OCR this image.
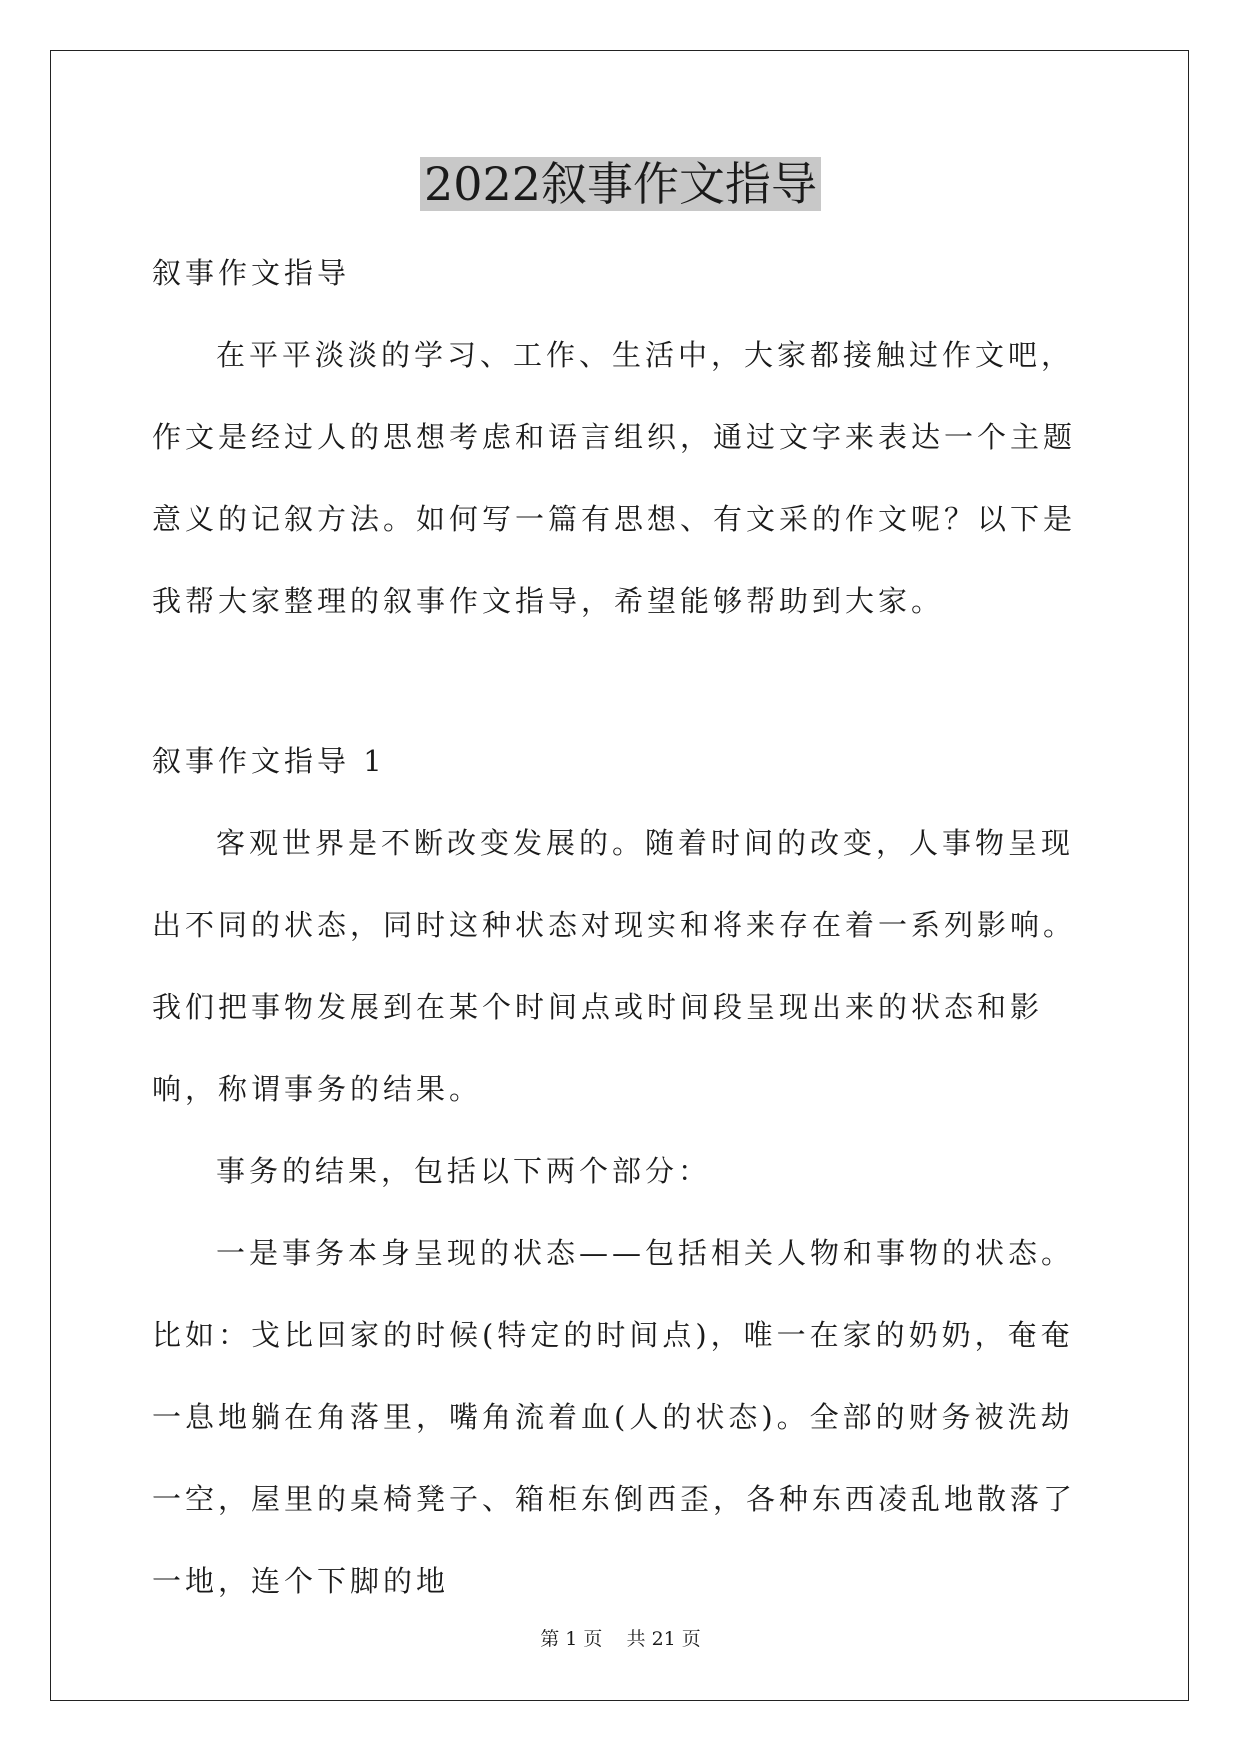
2022叙事作文指导

叙事作文指导

在平平淡淡的学习、工作、生活中，大家都接触过作文吧，作文是经过人的思想考虑和语言组织，通过文字来表达一个主题意义的记叙方法。如何写一篇有思想、有文采的作文呢？以下是我帮大家整理的叙事作文指导，希望能够帮助到大家。

叙事作文指导 1

客观世界是不断改变发展的。随着时间的改变，人事物呈现出不同的状态，同时这种状态对现实和将来存在着一系列影响。我们把事物发展到在某个时间点或时间段呈现出来的状态和影响，称谓事务的结果。

事务的结果，包括以下两个部分：

一是事务本身呈现的状态——包括相关人物和事物的状态。比如：戈比回家的时候(特定的时间点)，唯一在家的奶奶，奄奄一息地躺在角落里，嘴角流着血(人的状态)。全部的财务被洗劫一空，屋里的桌椅凳子、箱柜东倒西歪，各种东西凌乱地散落了一地，连个下脚的地

第 1 页 共 21 页
